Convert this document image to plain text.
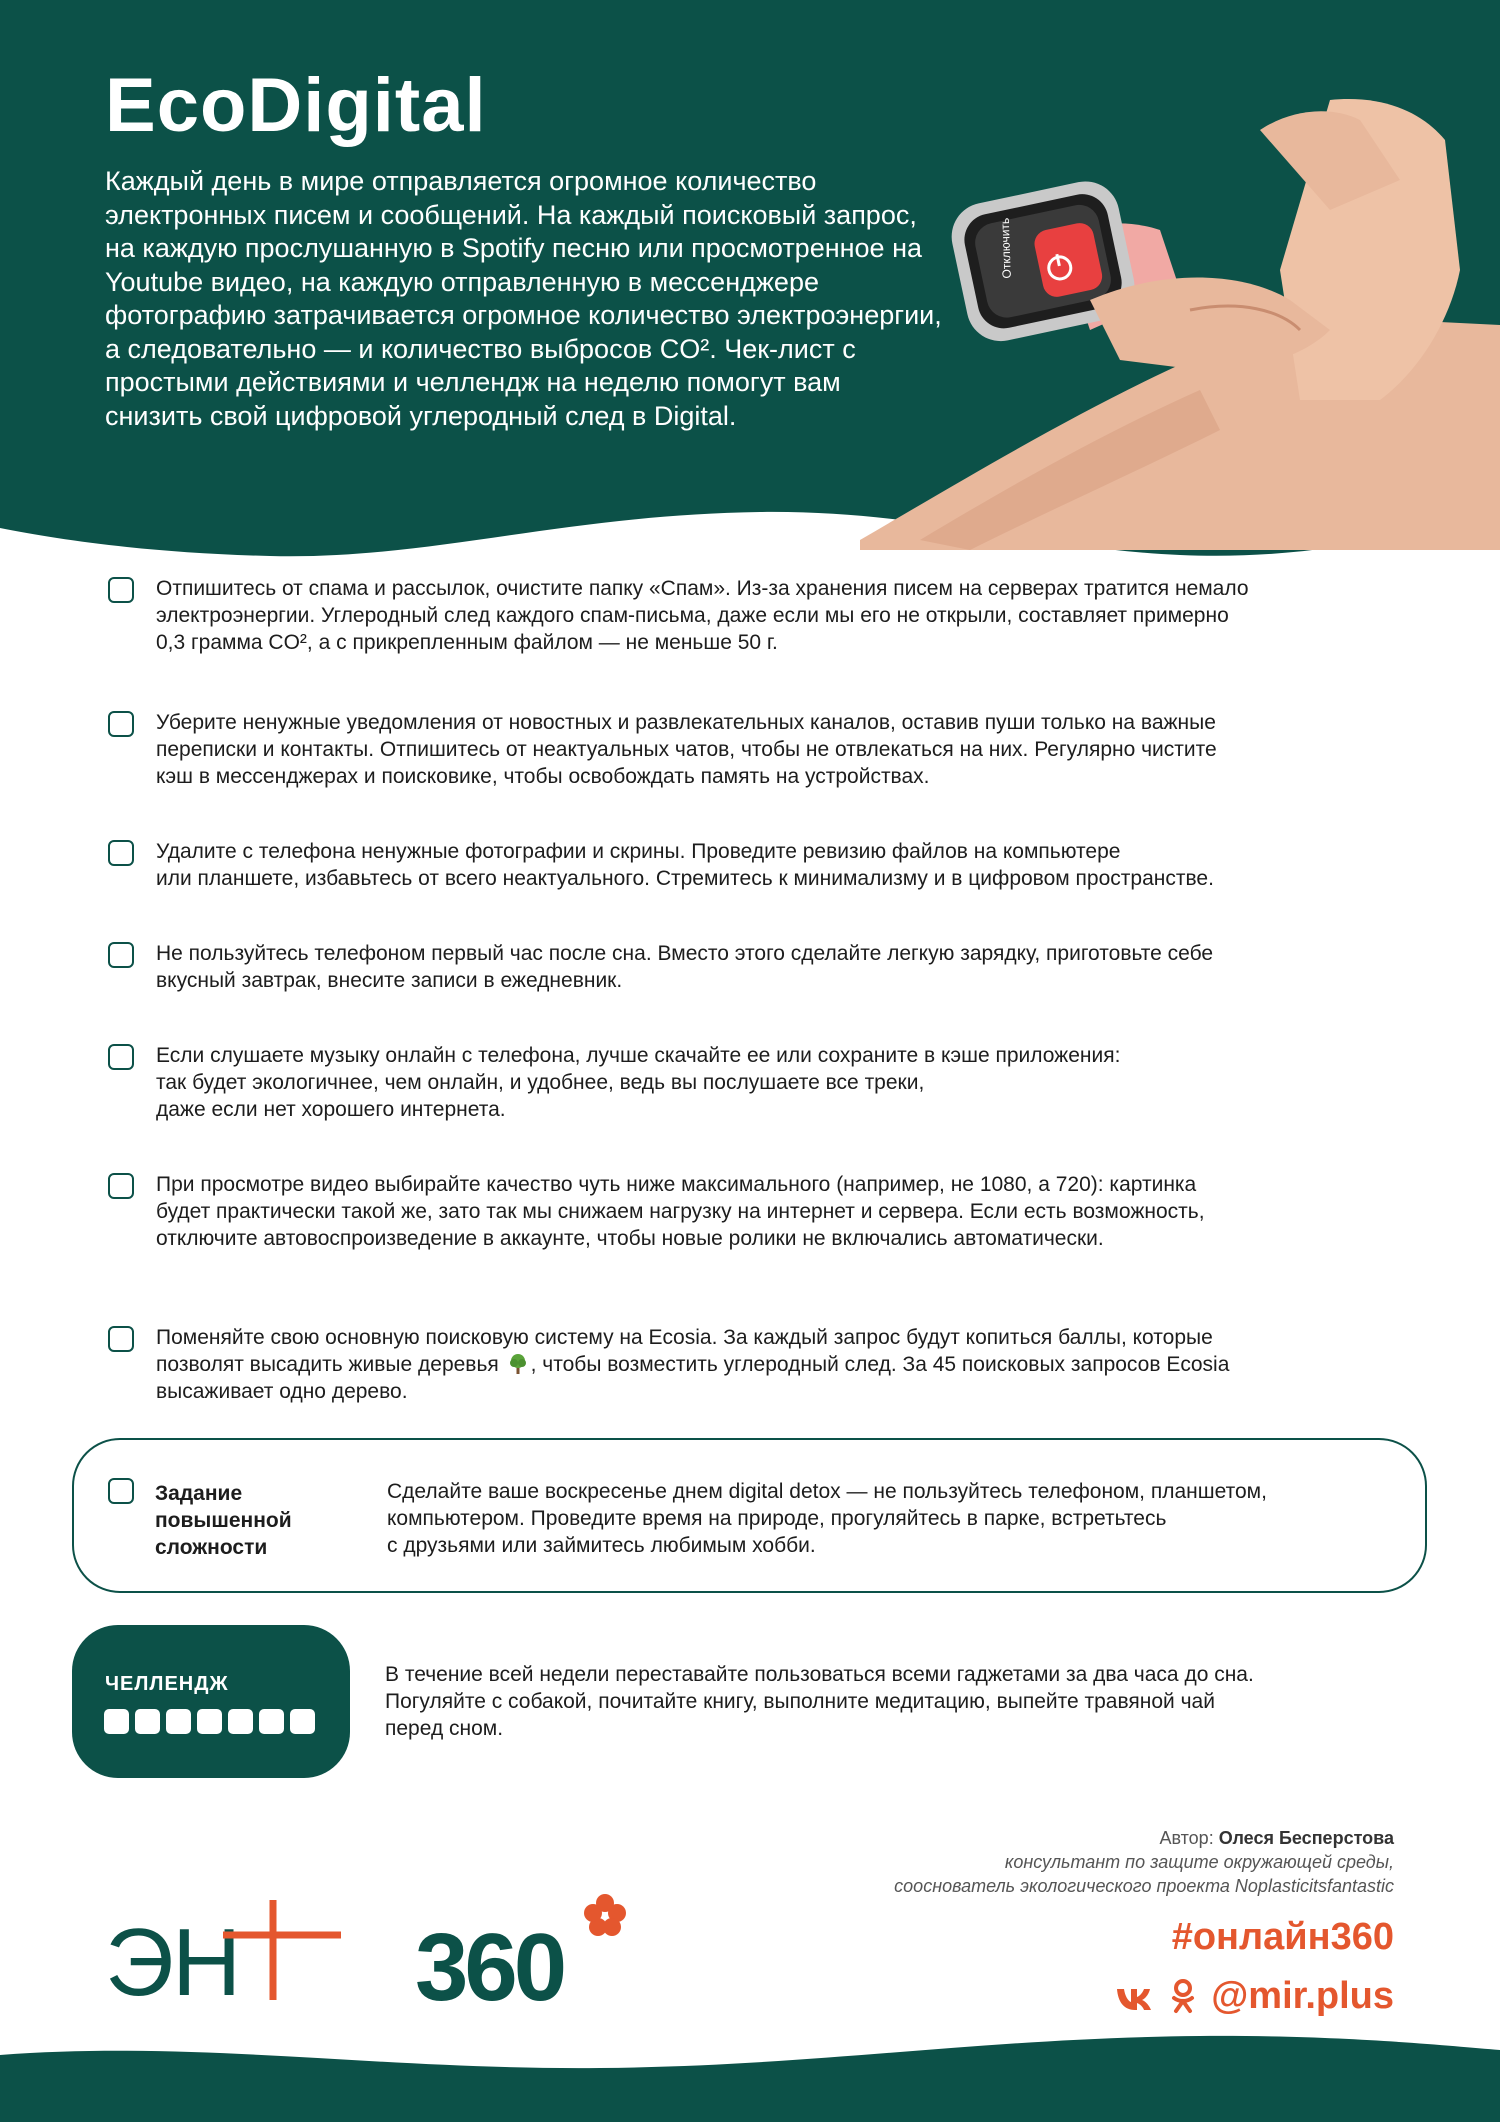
EcoDigital

Каждый день в мире отправляется огромное количество электронных писем и сообщений. На каждый поисковый запрос, на каждую прослушанную в Spotify песню или просмотренное на Youtube видео, на каждую отправленную в мессенджере фотографию затрачивается огромное количество электроэнергии, а следовательно — и количество выбросов CO². Чек-лист с простыми действиями и челлендж на неделю помогут вам снизить свой цифровой углеродный след в Digital.

Отключить

Отпишитесь от спама и рассылок, очистите папку «Спам». Из-за хранения писем на серверах тратится немало
электроэнергии. Углеродный след каждого спам-письма, даже если мы его не открыли, составляет примерно
0,3 грамма CO², а с прикрепленным файлом — не меньше 50 г.

Уберите ненужные уведомления от новостных и развлекательных каналов, оставив пуши только на важные
переписки и контакты. Отпишитесь от неактуальных чатов, чтобы не отвлекаться на них. Регулярно чистите
кэш в мессенджерах и поисковике, чтобы освобождать память на устройствах.

Удалите с телефона ненужные фотографии и скрины. Проведите ревизию файлов на компьютере
или планшете, избавьтесь от всего неактуального. Стремитесь к минимализму и в цифровом пространстве.

Не пользуйтесь телефоном первый час после сна. Вместо этого сделайте легкую зарядку, приготовьте себе
вкусный завтрак, внесите записи в ежедневник.

Если слушаете музыку онлайн с телефона, лучше скачайте ее или сохраните в кэше приложения:
так будет экологичнее, чем онлайн, и удобнее, ведь вы послушаете все треки,
даже если нет хорошего интернета.

При просмотре видео выбирайте качество чуть ниже максимального (например, не 1080, а 720): картинка
будет практически такой же, зато так мы снижаем нагрузку на интернет и сервера. Если есть возможность,
отключите автовоспроизведение в аккаунте, чтобы новые ролики не включались автоматически.

Поменяйте свою основную поисковую систему на Ecosia. За каждый запрос будут копиться баллы, которые
позволят высадить живые деревья , чтобы возместить углеродный след. За 45 поисковых запросов Ecosia
высаживает одно дерево.

Задание
повышенной
сложности

Сделайте ваше воскресенье днем digital detox — не пользуйтесь телефоном, планшетом,
компьютером. Проведите время на природе, прогуляйтесь в парке, встретьтесь
с друзьями или займитесь любимым хобби.

ЧЕЛЛЕНДЖ	В течение всей недели переставайте пользоваться всеми гаджетами за два часа до сна.
Погуляйте с собакой, почитайте книгу, выполните медитацию, выпейте травяной чай
перед сном.

Автор: Олеся Бесперстова
консультант по защите окружающей среды,
сооснователь экологического проекта Noplasticitsfantastic
ЭН 360	#онлайн360

@mir.plus
